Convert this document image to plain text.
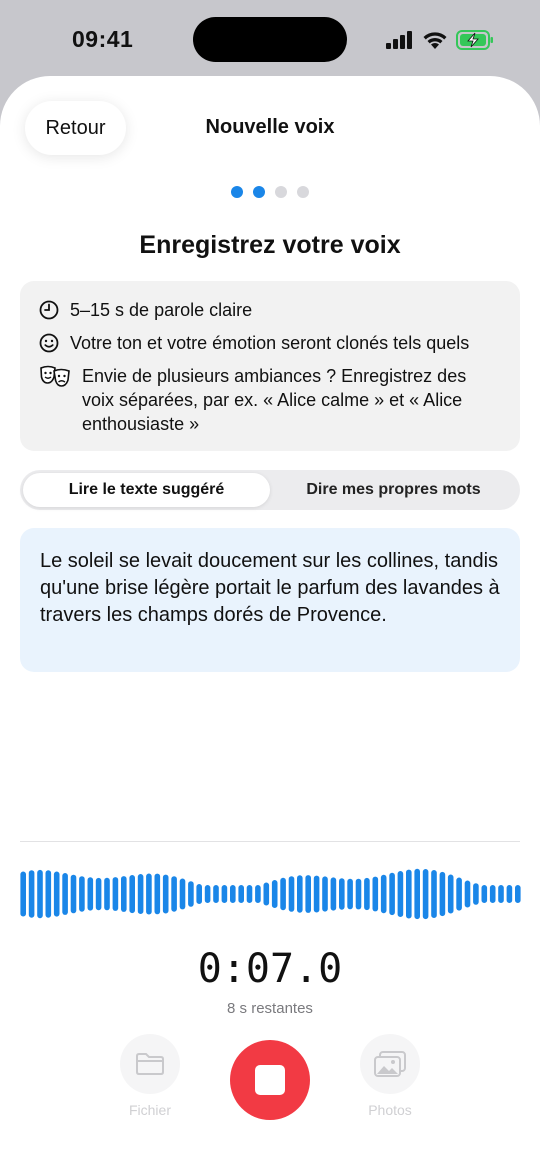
09:41
Retour	Nouvelle voix
Enregistrez votre voix
5–15 s de parole claire
Votre ton et votre émotion seront clonés tels quels
Envie de plusieurs ambiances ? Enregistrez des voix séparées, par ex. « Alice calme » et « Alice enthousiaste »
Lire le texte suggéré	Dire mes propres mots
Le soleil se levait doucement sur les collines, tandis qu'une brise légère portait le parfum des lavandes à travers les champs dorés de Provence.
0:07.0
8 s restantes
Fichier	Photos
